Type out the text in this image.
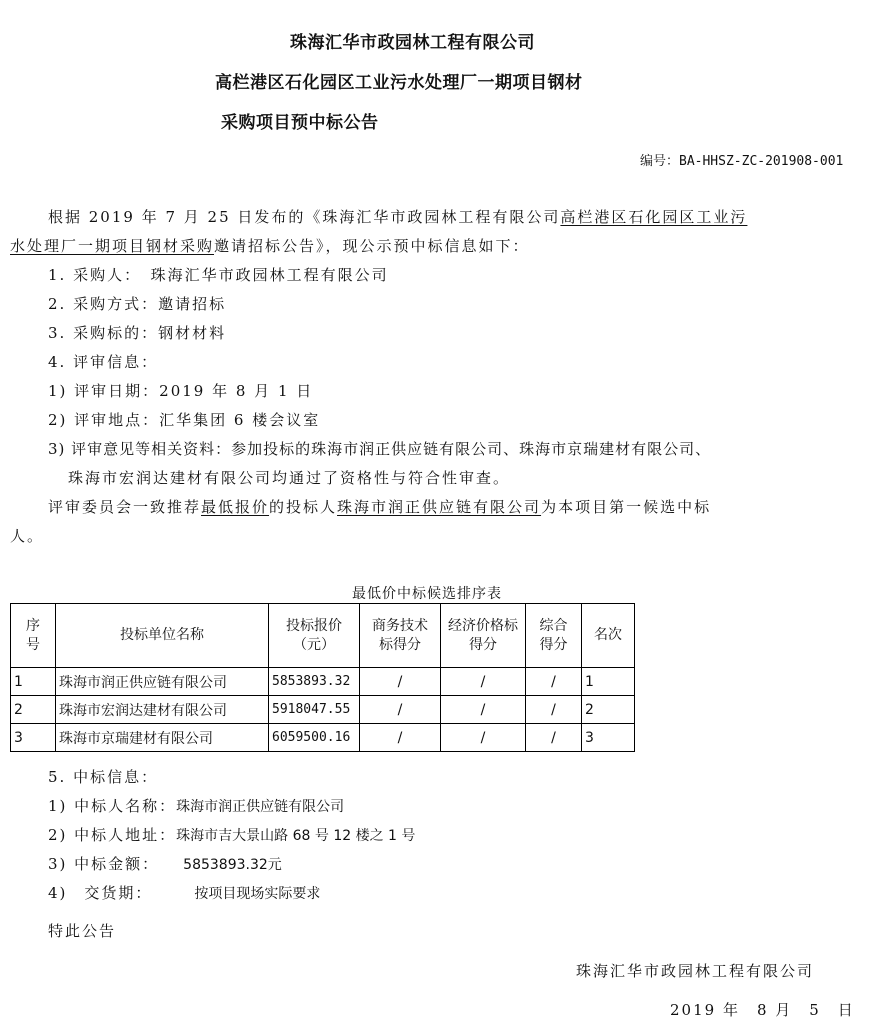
珠海汇华市政园林工程有限公司
高栏港区石化园区工业污水处理厂一期项目钢材
采购项目预中标公告
编号：BA-HHSZ-ZC-201908-001
根据 2019 年 7 月 25 日发布的《珠海汇华市政园林工程有限公司高栏港区石化园区工业污
水处理厂一期项目钢材采购邀请招标公告》，现公示预中标信息如下：
1. 采购人：　珠海汇华市政园林工程有限公司
2. 采购方式：邀请招标
3. 采购标的：钢材材料
4. 评审信息：
1) 评审日期：2019 年 8 月 1 日
2) 评审地点：汇华集团 6 楼会议室
3) 评审意见等相关资料：参加投标的珠海市润正供应链有限公司、珠海市京瑞建材有限公司、
珠海市宏润达建材有限公司均通过了资格性与符合性审查。
评审委员会一致推荐最低报价的投标人珠海市润正供应链有限公司为本项目第一候选中标
人。
最低价中标候选排序表
序号	投标单位名称	投标报价（元）	商务技术标得分	经济价格标得分	综合得分	名次
1	珠海市润正供应链有限公司	5853893.32	/	/	/	1
2	珠海市宏润达建材有限公司	5918047.55	/	/	/	2
3	珠海市京瑞建材有限公司	6059500.16	/	/	/	3
5. 中标信息：
1) 中标人名称：珠海市润正供应链有限公司
2) 中标人地址：珠海市吉大景山路 68 号 12 楼之 1 号
3) 中标金额： 5853893.32元
4)　交货期：	按项目现场实际要求
特此公告
珠海汇华市政园林工程有限公司
2019 年　8 月　5　日
